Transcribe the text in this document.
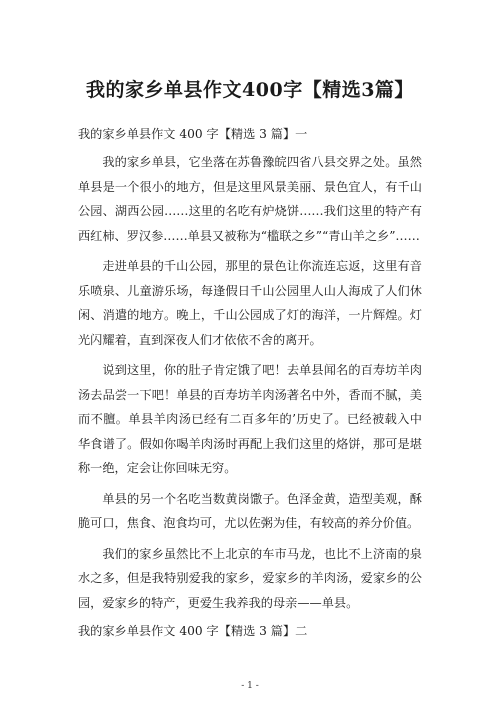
我的家乡单县作文400字【精选3篇】
我的家乡单县作文 400 字【精选 3 篇】一

我的家乡单县，它坐落在苏鲁豫皖四省八县交界之处。虽然单县是一个很小的地方，但是这里风景美丽、景色宜人，有千山公园、湖西公园……这里的名吃有炉烧饼……我们这里的特产有西红柿、罗汉参……单县又被称为“槛联之乡”“青山羊之乡”……

走进单县的千山公园，那里的景色让你流连忘返，这里有音乐喷泉、儿童游乐场，每逢假日千山公园里人山人海成了人们休闲、消遣的地方。晚上，千山公园成了灯的海洋，一片辉煌。灯光闪耀着，直到深夜人们才依依不舍的离开。

说到这里，你的肚子肯定饿了吧！去单县闻名的百寿坊羊肉汤去品尝一下吧！单县的百寿坊羊肉汤著名中外，香而不腻，美而不膻。单县羊肉汤已经有二百多年的’历史了。已经被载入中华食谱了。假如你喝羊肉汤时再配上我们这里的烙饼，那可是堪称一绝，定会让你回味无穷。

单县的另一个名吃当数黄岗馓子。色泽金黄，造型美观，酥脆可口，焦食、泡食均可，尤以佐粥为佳，有较高的养分价值。

我们的家乡虽然比不上北京的车市马龙，也比不上济南的泉水之多，但是我特别爱我的家乡，爱家乡的羊肉汤，爱家乡的公园，爱家乡的特产，更爱生我养我的母亲——单县。

我的家乡单县作文 400 字【精选 3 篇】二
- 1 -
